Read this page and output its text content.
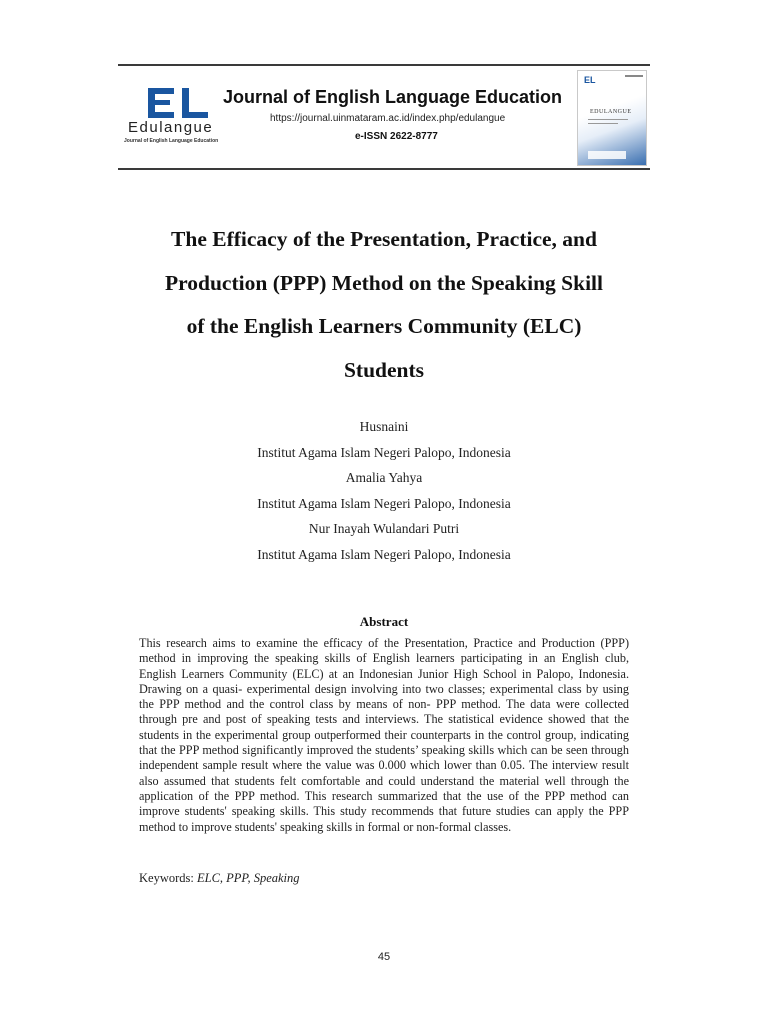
Edulangue
Journal of English Language Education
Journal of English Language Education
https://journal.uinmataram.ac.id/index.php/edulangue
e-ISSN 2622-8777
EL
EDULANGUE
The Efficacy of the Presentation, Practice, and
Production (PPP) Method on the Speaking Skill
of the English Learners Community (ELC)
Students
Husnaini
Institut Agama Islam Negeri Palopo, Indonesia
Amalia Yahya
Institut Agama Islam Negeri Palopo, Indonesia
Nur Inayah Wulandari Putri
Institut Agama Islam Negeri Palopo, Indonesia
Abstract
This research aims to examine the efficacy of the Presentation, Practice and Production (PPP) method in improving the speaking skills of English learners participating in an English club, English Learners Community (ELC) at an Indonesian Junior High School in Palopo, Indonesia. Drawing on a quasi- experimental design involving into two classes; experimental class by using the PPP method and the control class by means of non- PPP method. The data were collected through pre and post of speaking tests and interviews. The statistical evidence showed that the students in the experimental group outperformed their counterparts in the control group, indicating that the PPP method significantly improved the students’ speaking skills which can be seen through independent sample result where the value was 0.000 which lower than 0.05. The interview result also assumed that students felt comfortable and could understand the material well through the application of the PPP method. This research summarized that the use of the PPP method can improve students' speaking skills. This study recommends that future studies can apply the PPP method to improve students' speaking skills in formal or non-formal classes.
Keywords: ELC, PPP, Speaking
45
